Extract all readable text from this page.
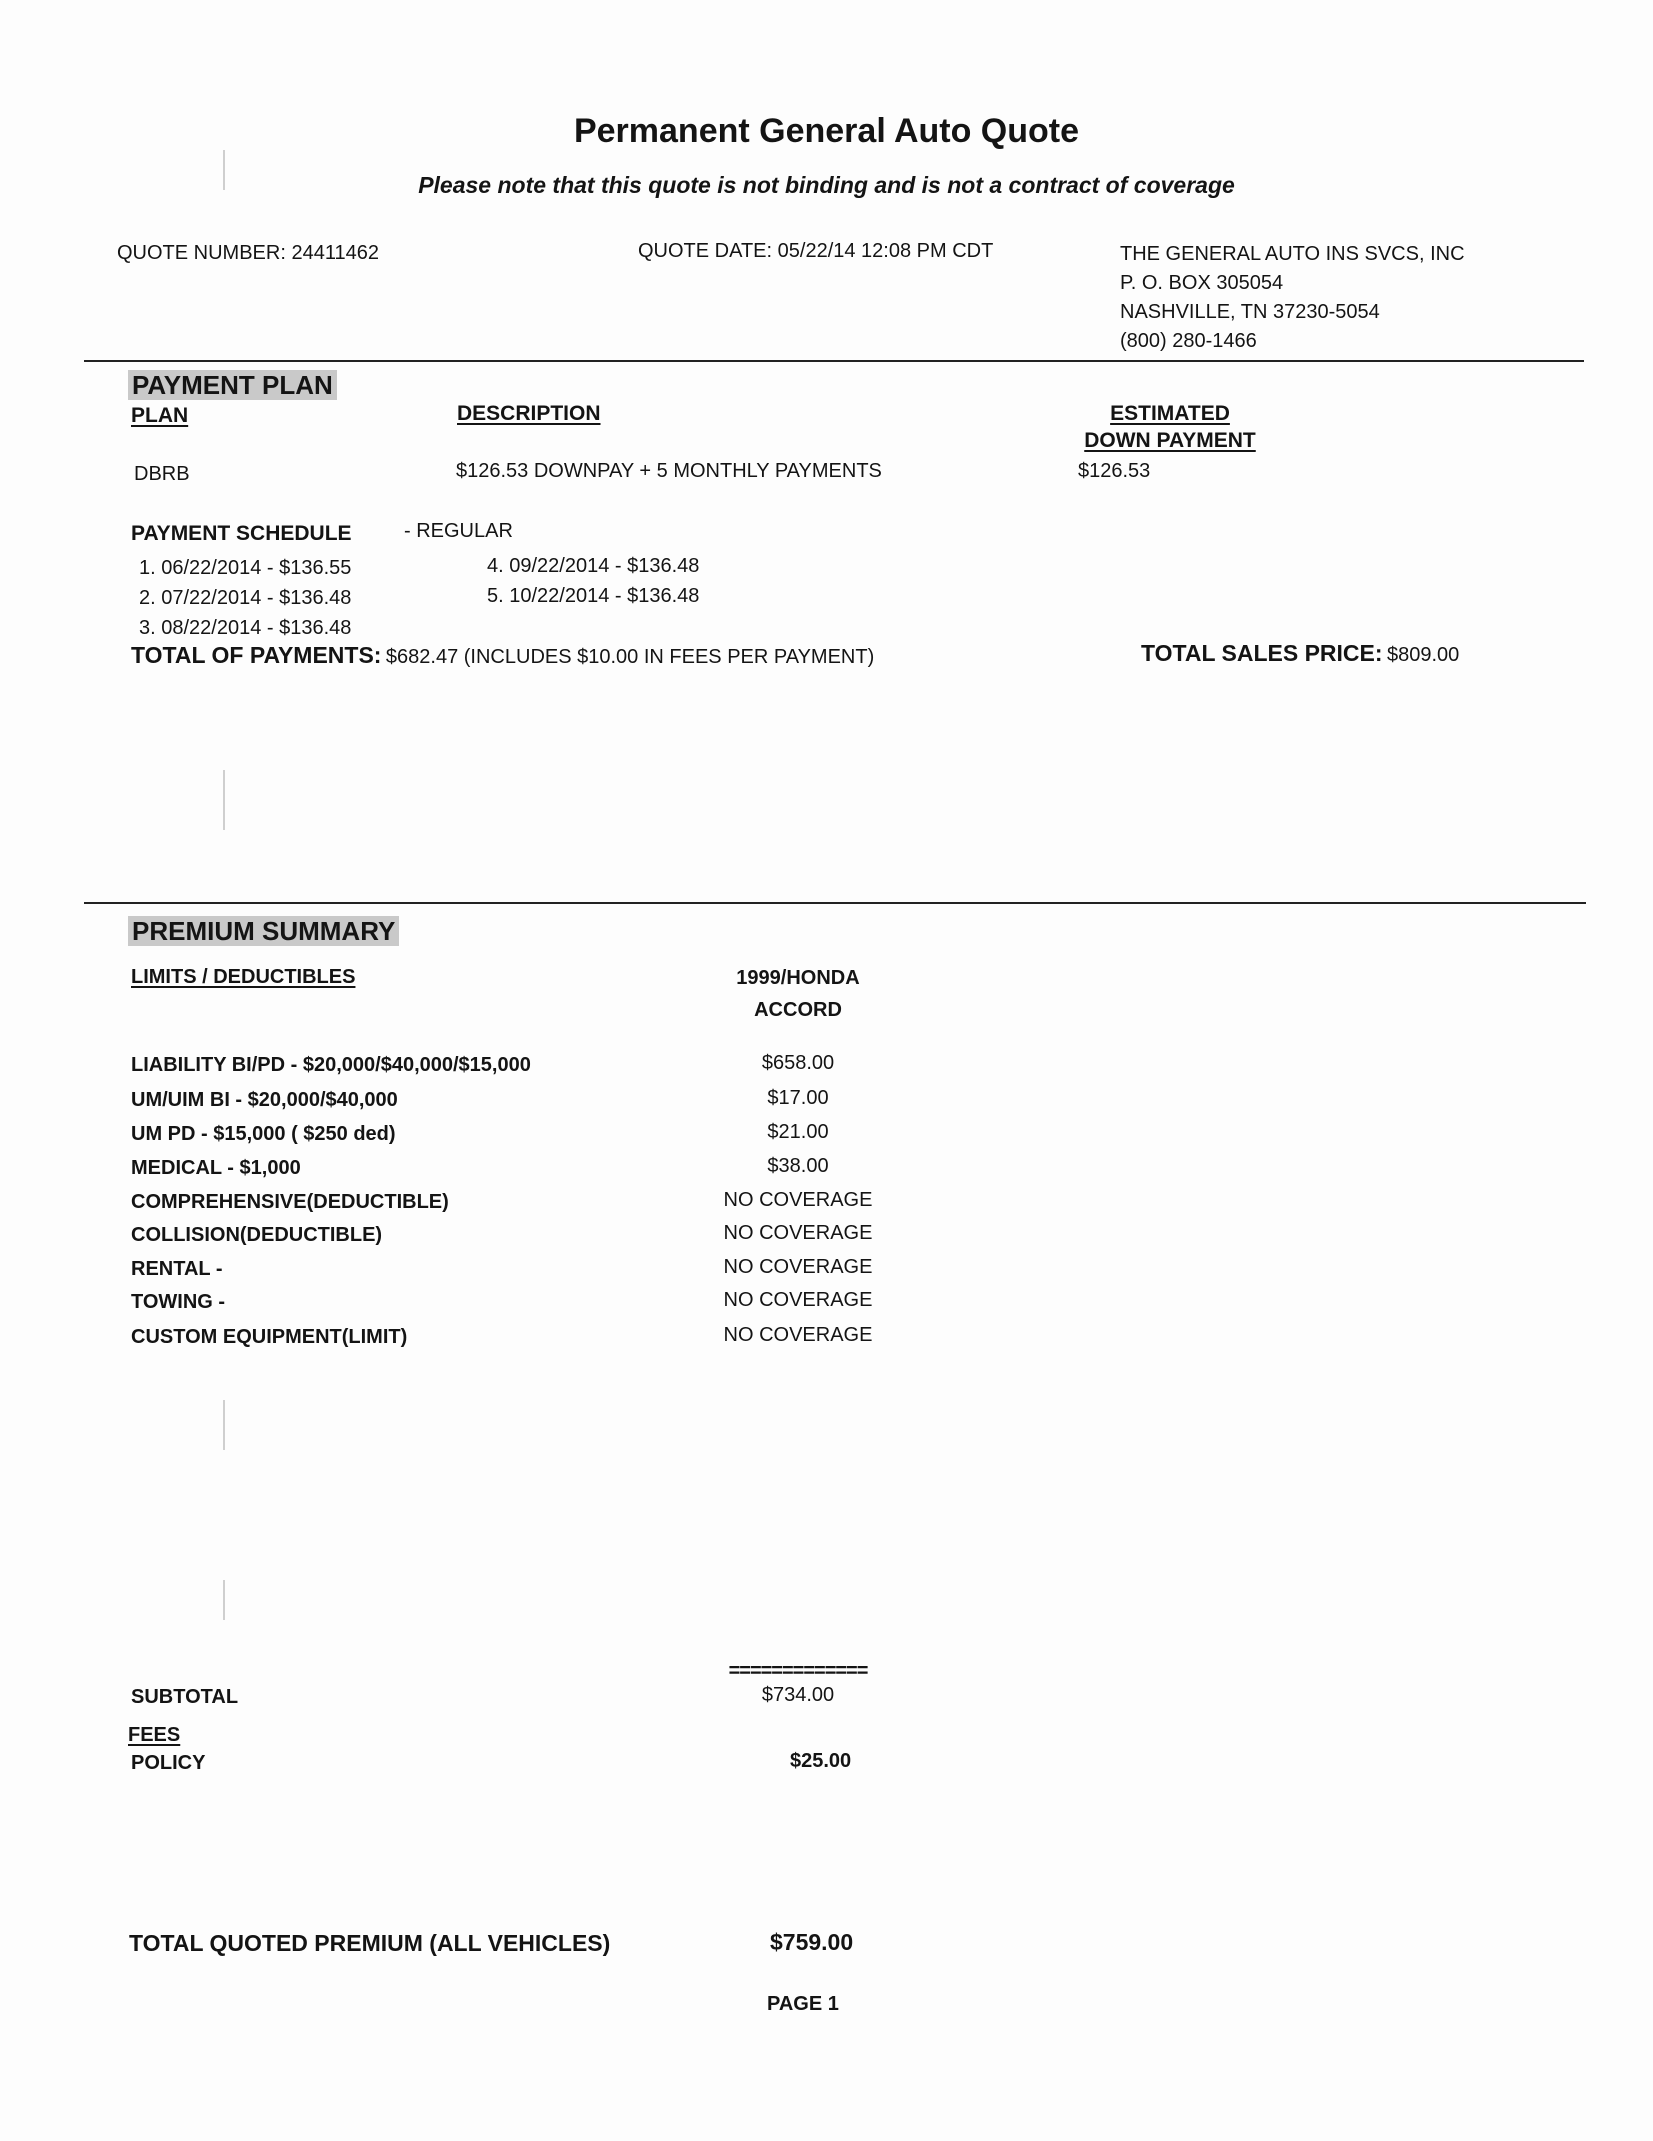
Permanent General Auto Quote
Please note that this quote is not binding and is not a contract of coverage
QUOTE NUMBER: 24411462	QUOTE DATE: 05/22/14 12:08 PM CDT	THE GENERAL AUTO INS SVCS, INC
P. O. BOX 305054
NASHVILLE, TN 37230-5054
(800) 280-1466
PAYMENT PLAN
PLAN	DESCRIPTION	ESTIMATED
DOWN PAYMENT
DBRB	$126.53 DOWNPAY + 5 MONTHLY PAYMENTS	$126.53
PAYMENT SCHEDULE	- REGULAR
1. 06/22/2014 - $136.55
2. 07/22/2014 - $136.48
3. 08/22/2014 - $136.48
4. 09/22/2014 - $136.48
5. 10/22/2014 - $136.48
TOTAL OF PAYMENTS: $682.47 (INCLUDES $10.00 IN FEES PER PAYMENT)	TOTAL SALES PRICE: $809.00
PREMIUM SUMMARY
LIMITS / DEDUCTIBLES	1999/HONDA
ACCORD
LIABILITY BI/PD - $20,000/$40,000/$15,000	$658.00
UM/UIM BI - $20,000/$40,000	$17.00
UM PD - $15,000 ( $250 ded)	$21.00
MEDICAL - $1,000	$38.00
COMPREHENSIVE(DEDUCTIBLE)	NO COVERAGE
COLLISION(DEDUCTIBLE)	NO COVERAGE
RENTAL -	NO COVERAGE
TOWING -	NO COVERAGE
CUSTOM EQUIPMENT(LIMIT)	NO COVERAGE
=============
SUBTOTAL	$734.00
FEES
POLICY	$25.00
TOTAL QUOTED PREMIUM (ALL VEHICLES)	$759.00
PAGE 1
